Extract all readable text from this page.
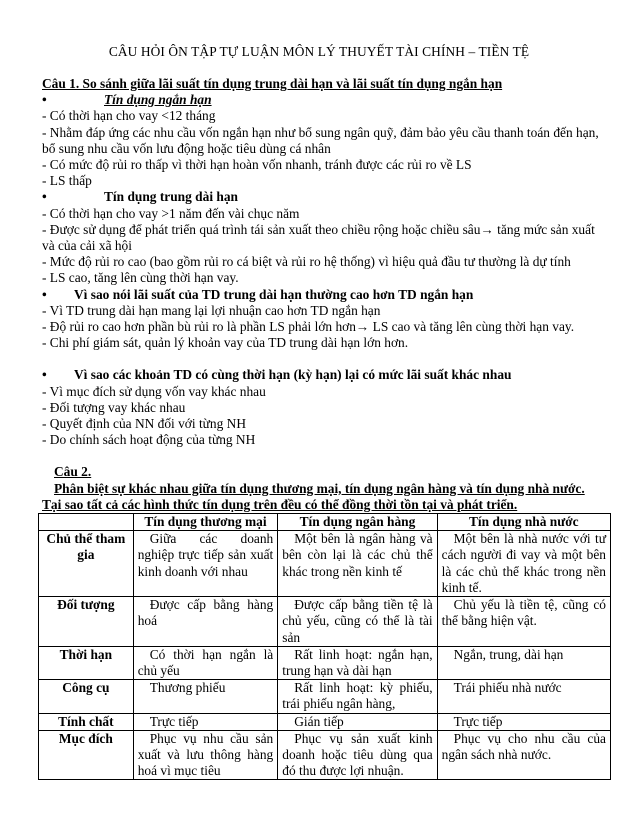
CÂU HỎI ÔN TẬP TỰ LUẬN MÔN LÝ THUYẾT TÀI CHÍNH – TIỀN TỆ

Câu 1. So sánh giữa lãi suất tín dụng trung dài hạn và lãi suất tín dụng ngắn hạn

•	Tín dụng ngắn hạn

- Có thời hạn cho vay <12 tháng

- Nhằm đáp ứng các nhu cầu vốn ngắn hạn như bổ sung ngân quỹ, đảm bảo yêu cầu thanh toán đến hạn, bổ sung nhu cầu vốn lưu động hoặc tiêu dùng cá nhân

- Có mức độ rủi ro thấp vì thời hạn hoàn vốn nhanh, tránh được các rủi ro về LS

- LS thấp

•	Tín dụng trung dài hạn

- Có thời hạn cho vay >1 năm đến vài chục năm

- Được sử dụng để phát triển quá trình tái sản xuất theo chiều rộng hoặc chiều sâu→ tăng mức sản xuất và của cải xã hội

- Mức độ rủi ro cao (bao gồm rủi ro cá biệt và rủi ro hệ thống) vì hiệu quả đầu tư thường là dự tính

- LS cao, tăng lên cùng thời hạn vay.

•	Vì sao nói lãi suất của TD trung dài hạn thường cao hơn TD ngắn hạn

- Vì TD trung dài hạn mang lại lợi nhuận cao hơn TD ngắn hạn

- Độ rủi ro cao hơn phần bù rủi ro là phần LS phải lớn hơn→ LS cao và tăng lên cùng thời hạn vay.

- Chi phí giám sát, quản lý khoản vay của TD trung dài hạn lớn hơn.

•	Vì sao các khoản TD có cùng thời hạn (kỳ hạn) lại có mức lãi suất khác nhau

- Vì mục đích sử dụng vốn vay khác nhau

- Đối tượng vay khác nhau

- Quyết định của NN đối với từng NH

- Do chính sách hoạt động của từng NH

Câu 2.

Phân biệt sự khác nhau giữa tín dụng thương mại, tín dụng ngân hàng và tín dụng nhà nước.

Tại sao tất cả các hình thức tín dụng trên đều có thể đồng thời tồn tại và phát triển.

	Tín dụng thương mại	Tín dụng ngân hàng	Tín dụng nhà nước
Chủ thể tham gia	Giữa các doanh nghiệp trực tiếp sản xuất kinh doanh với nhau	Một bên là ngân hàng và bên còn lại là các chủ thể khác trong nền kinh tế	Một bên là nhà nước với tư cách người đi vay và một bên là các chủ thể khác trong nền kinh tế.
Đối tượng	Được cấp bằng hàng hoá	Được cấp bằng tiền tệ là chủ yếu, cũng có thể là tài sản	Chủ yếu là tiền tệ, cũng có thể bằng hiện vật.
Thời hạn	Có thời hạn ngắn là chủ yếu	Rất linh hoạt: ngắn hạn, trung hạn và dài hạn	Ngắn, trung, dài hạn
Công cụ	Thương phiếu	Rất linh hoạt: kỳ phiếu, trái phiếu ngân hàng,	Trái phiếu nhà nước
Tính chất	Trực tiếp	Gián tiếp	Trực tiếp
Mục đích	Phục vụ nhu cầu sản xuất và lưu thông hàng hoá vì mục tiêu	Phục vụ sản xuất kinh doanh hoặc tiêu dùng qua đó thu được lợi nhuận.	Phục vụ cho nhu cầu của ngân sách nhà nước.
